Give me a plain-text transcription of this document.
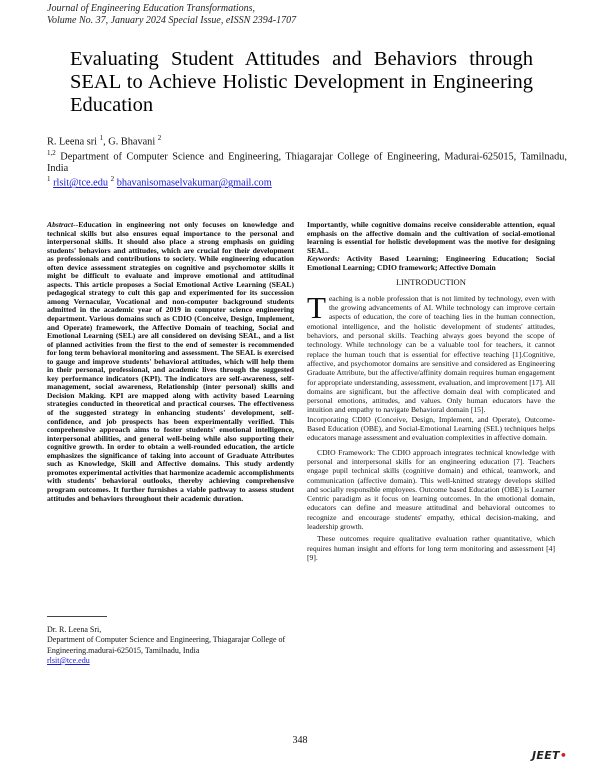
Journal of Engineering Education Transformations,
Volume No. 37, January 2024 Special Issue, eISSN 2394-1707
Evaluating Student Attitudes and Behaviors through SEAL to Achieve Holistic Development in Engineering Education

R. Leena sri $^1$, G. Bhavani $^2$

$^{1,2}$ Department of Computer Science and Engineering, Thiagarajar College of Engineering, Madurai-625015, Tamilnadu, India

$^1$ rlsit@tce.edu $^2$ bhavanisomaselvakumar@gmail.com

Abstract--Education in engineering not only focuses on knowledge and technical skills but also ensures equal importance to the personal and interpersonal skills. It should also place a strong emphasis on guiding students' behaviors and attitudes, which are crucial for their development as professionals and contributions to society. While engineering education often device assessment strategies on cognitive and psychomotor skills it might be difficult to evaluate and improve emotional and attitudinal aspects. This article proposes a Social Emotional Active Learning (SEAL) pedagogical strategy to cult this gap and experimented for its succession among Vernacular, Vocational and non-computer background students admitted in the academic year of 2019 in computer science engineering department. Various domains such as CDIO (Conceive, Design, Implement, and Operate) framework, the Affective Domain of teaching, Social and Emotional Learning (SEL) are all considered on devising SEAL, and a list of planned activities from the first to the end of semester is recommended for long term behavioral monitoring and assessment. The SEAL is exercised to gauge and improve students' behavioral attitudes, which will help them in their personal, professional, and academic lives through the suggested key performance indicators (KPI). The indicators are self-awareness, self-management, social awareness, Relationship (inter personal) skills and Decision Making. KPI are mapped along with activity based Learning strategies conducted in theoretical and practical courses. The effectiveness of the suggested strategy in enhancing students' development, self-confidence, and job prospects has been experimentally verified. This comprehensive approach aims to foster students' emotional intelligence, interpersonal abilities, and general well-being while also supporting their cognitive growth. In order to obtain a well-rounded education, the article emphasizes the significance of taking into account of Graduate Attributes such as Knowledge, Skill and Affective domains. This study ardently promotes experimental activities that harmonize academic accomplishments with students' behavioral outlooks, thereby achieving comprehensive program outcomes. It further furnishes a viable pathway to assess student attitudes and behaviors throughout their academic duration.

Importantly, while cognitive domains receive considerable attention, equal emphasis on the affective domain and the cultivation of social-emotional learning is essential for holistic development was the motive for designing SEAL.

Keywords: Activity Based Learning; Engineering Education; Social Emotional Learning; CDIO framework; Affective Domain

I.INTRODUCTION

Teaching is a noble profession that is not limited by technology, even with the growing advancements of AI. While technology can improve certain aspects of education, the core of teaching lies in the human connection, emotional intelligence, and the holistic development of students' attitudes, behaviors, and personal skills. Teaching always goes beyond the scope of technology. While technology can be a valuable tool for teachers, it cannot replace the human touch that is essential for effective teaching [1].Cognitive, affective, and psychomotor domains are sensitive and considered as Engineering Graduate Attribute, but the affective/affinity domain requires human engagement for appropriate understanding, assessment, evaluation, and improvement [17]. All domains are significant, but the affective domain deal with complicated and personal emotions, attitudes, and values. Only human educators have the intuition and empathy to navigate Behavioral domain [15].

Incorporating CDIO (Conceive, Design, Implement, and Operate), Outcome-Based Education (OBE), and Social-Emotional Learning (SEL) techniques helps educators manage assessment and evaluation complexities in affective domain.

CDIO Framework: The CDIO approach integrates technical knowledge with personal and interpersonal skills for an engineering education [7]. Teachers engage pupil technical skills (cognitive domain) and ethical, teamwork, and communication (affective domain). This well-knitted strategy develops skilled and socially responsible employees. Outcome based Education (OBE) is Learner Centric paradigm as it focus on learning outcomes. In the emotional domain, educators can define and measure attitudinal and behavioral outcomes to recognize and encourage students' empathy, ethical decision-making, and leadership growth.

These outcomes require qualitative evaluation rather quantitative, which requires human insight and efforts for long term monitoring and assessment [4] [9].

Dr. R. Leena Sri,
Department of Computer Science and Engineering, Thiagarajar College of Engineering.madurai-625015, Tamilnadu, India
rlsit@tce.edu
348
JEET•
